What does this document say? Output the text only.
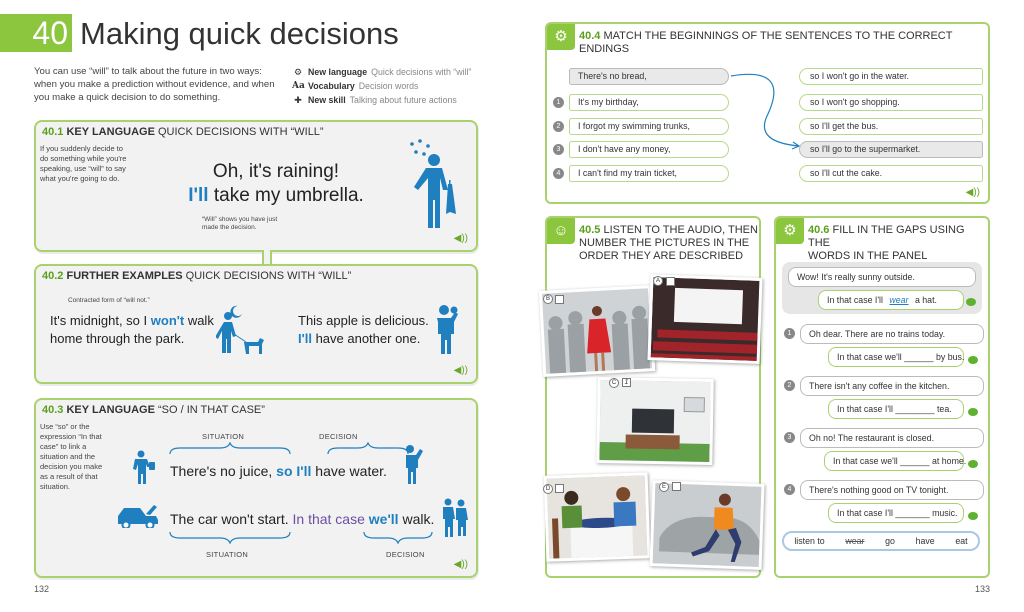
40 Making quick decisions
You can use “will” to talk about the future in two ways: when you make a prediction without evidence, and when you make a quick decision to do something.
⚙ New language Quick decisions with “will”
Aa Vocabulary Decision words
✚ New skill Talking about future actions
40.1 KEY LANGUAGE QUICK DECISIONS WITH “WILL”
If you suddenly decide to do something while you're speaking, use “will” to say what you're going to do.	Oh, it's raining!
I'll take my umbrella.
“Will” shows you have just made the decision.
◀))
40.2 FURTHER EXAMPLES QUICK DECISIONS WITH “WILL”
Contracted form of “will not.”
It's midnight, so I won't walk
home through the park.
This apple is delicious.
I'll have another one.
◀))
40.3 KEY LANGUAGE “SO / IN THAT CASE”
Use “so” or the expression “In that case” to link a situation and the decision you make as a result of that situation.
SITUATION	DECISION
There's no juice, so I'll have water.
The car won't start. In that case we'll walk.
SITUATION	DECISION
◀))
132
⚙	40.4 MATCH THE BEGINNINGS OF THE SENTENCES TO THE CORRECT ENDINGS
There's no bread,
1	It's my birthday,
2	I forgot my swimming trunks,
3	I don't have any money,
4	I can't find my train ticket,
so I won't go in the water.
so I won't go shopping.
so I'll get the bus.
so I'll go to the supermarket.
so I'll cut the cake.
◀))
☺ 40.5 LISTEN TO THE AUDIO, THEN
NUMBER THE PICTURES IN THE
ORDER THEY ARE DESCRIBED
B
A
C	1
D	E
⚙	40.6 FILL IN THE GAPS USING THE
WORDS IN THE PANEL
Wow! It's really sunny outside.
In that case I'll wear a hat.
1	Oh dear. There are no trains today.
In that case we'll ______ by bus.
2	There isn't any coffee in the kitchen.
In that case I'll ________ tea.
3	Oh no! The restaurant is closed.
In that case we'll ______ at home.
4	There's nothing good on TV tonight.
In that case I'll _______ music.
listen to wear go have eat
133
